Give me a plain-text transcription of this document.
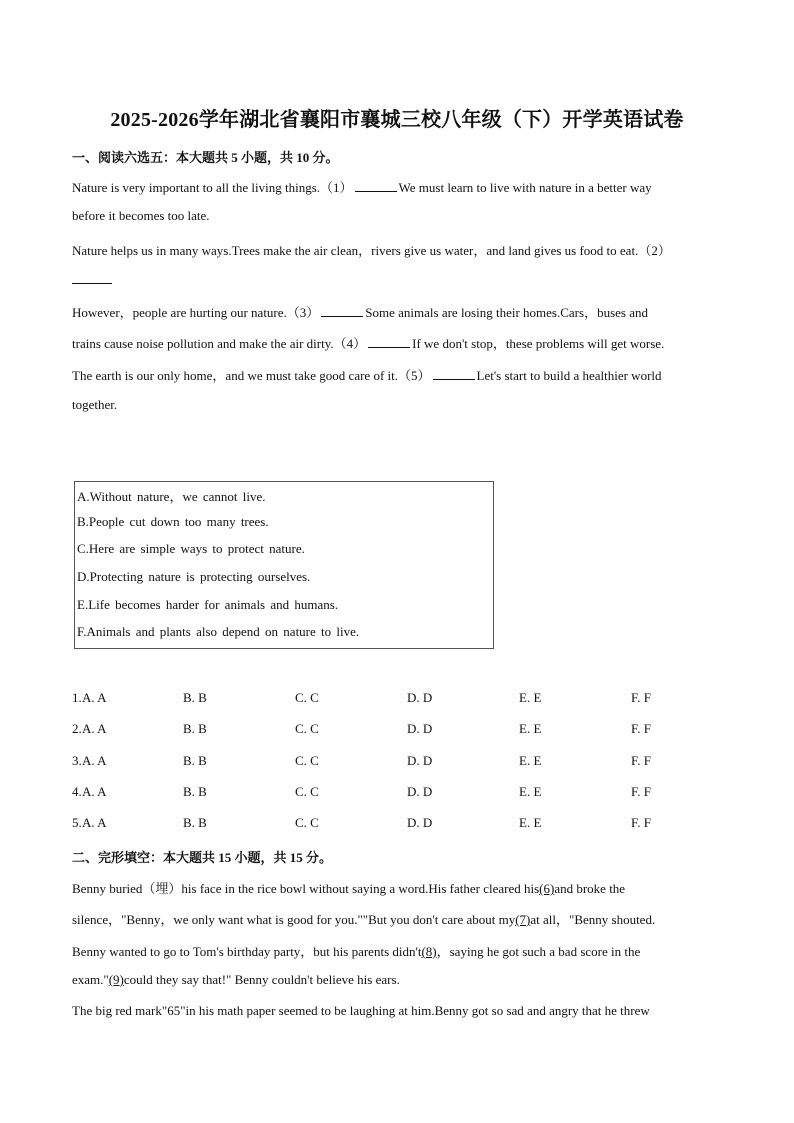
2025-2026学年湖北省襄阳市襄城三校八年级（下）开学英语试卷
一、阅读六选五：本大题共 5 小题，共 10 分。
Nature is very important to all the living things.（1）	We must learn to live with nature in a better way
before it becomes too late.
Nature helps us in many ways.Trees make the air clean，rivers give us water，and land gives us food to eat.（2）
However，people are hurting our nature.（3）	Some animals are losing their homes.Cars，buses and
trains cause noise pollution and make the air dirty.（4）	If we don't stop，these problems will get worse.
The earth is our only home，and we must take good care of it.（5）	Let's start to build a healthier world
together.
A.Without nature，we cannot live.
B.People cut down too many trees.
C.Here are simple ways to protect nature.
D.Protecting nature is protecting ourselves.
E.Life becomes harder for animals and humans.
F.Animals and plants also depend on nature to live.
1. A. A	B. B	C. C	D. D	E. E	F. F
2. A. A	B. B	C. C	D. D	E. E	F. F
3. A. A	B. B	C. C	D. D	E. E	F. F
4. A. A	B. B	C. C	D. D	E. E	F. F
5. A. A	B. B	C. C	D. D	E. E	F. F
二、完形填空：本大题共 15 小题，共 15 分。
Benny buried（埋）his face in the rice bowl without saying a word.His father cleared his(6)and broke the
silence，"Benny，we only want what is good for you.""But you don't care about my(7)at all，"Benny shouted.
Benny wanted to go to Tom's birthday party，but his parents didn't(8)，saying he got such a bad score in the
exam."(9)could they say that!" Benny couldn't believe his ears.
The big red mark"65"in his math paper seemed to be laughing at him.Benny got so sad and angry that he threw
